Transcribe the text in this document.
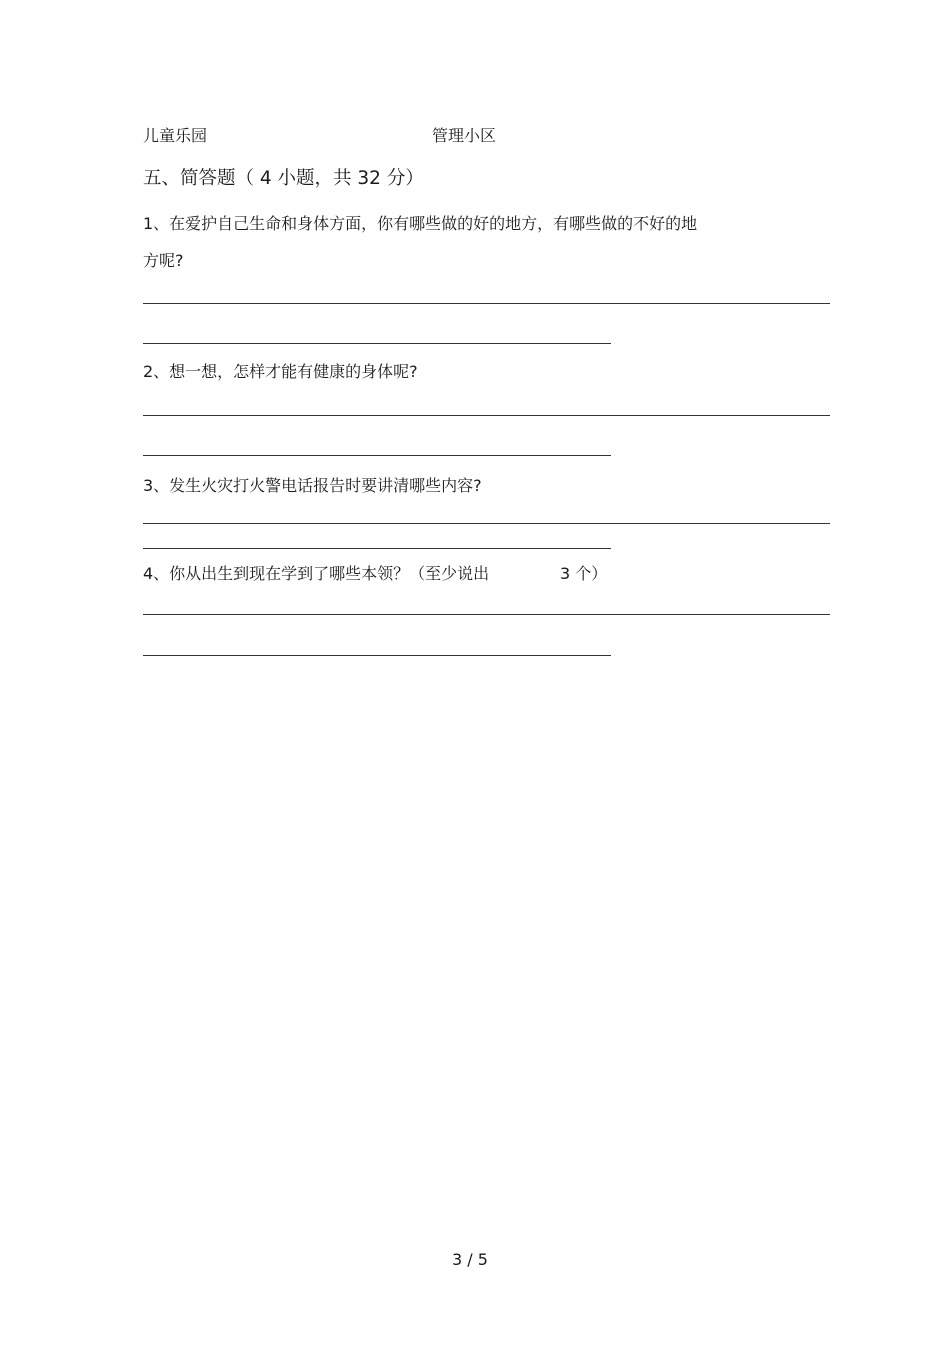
儿童乐园	管理小区
五、简答题（ 4 小题，共 32 分）
1、在爱护自己生命和身体方面，你有哪些做的好的地方，有哪些做的不好的地
方呢?
2、想一想，怎样才能有健康的身体呢?
3、发生火灾打火警电话报告时要讲清哪些内容?
4、你从出生到现在学到了哪些本领？（至少说出	3 个）
3 / 5
